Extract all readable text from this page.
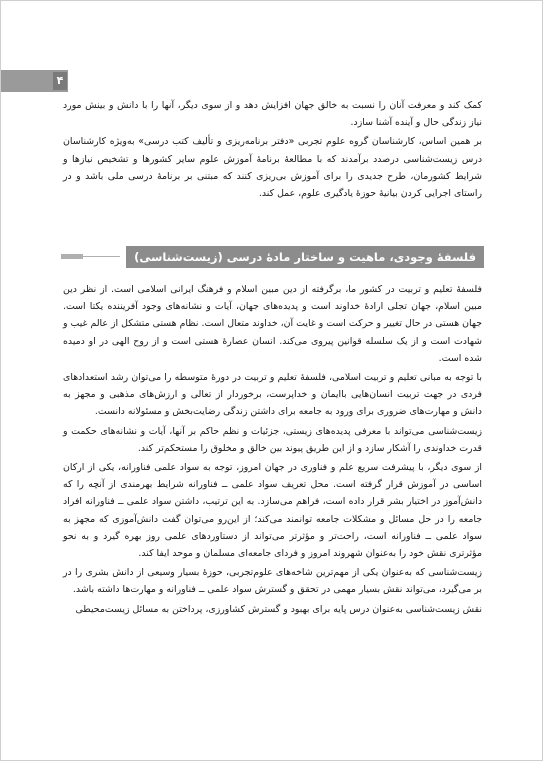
۴

کمک کند و معرفت آنان را نسبت به خالق جهان افزایش دهد و از سوی دیگر، آنها را با دانش و بینش مورد نیاز زندگی حال و آینده آشنا سازد.

بر همین اساس، کارشناسان گروه علوم تجربی «دفتر برنامه‌ریزی و تألیف کتب درسی» به‌ویژه کارشناسان درس زیست‌شناسی درصدد برآمدند که با مطالعهٔ برنامهٔ آموزش علوم سایر کشورها و تشخیص نیازها و شرایط کشورمان، طرح جدیدی را برای آموزش بی‌ریزی کنند که مبتنی بر برنامهٔ درسی ملی باشد و در راستای اجرایی کردن بیانیهٔ حوزهٔ یادگیری علوم، عمل کند.

فلسفهٔ وجودی، ماهیت و ساختار مادهٔ درسی (زیست‌شناسی)

فلسفهٔ تعلیم و تربیت در کشور ما، برگرفته از دین مبین اسلام و فرهنگ ایرانی اسلامی است. از نظر دین مبین اسلام، جهان تجلی ارادهٔ خداوند است و پدیده‌های جهان، آیات و نشانه‌های وجود آفریننده یکتا است. جهان هستی در حال تغییر و حرکت است و غایت آن، خداوند متعال است. نظام هستی متشکل از عالم غیب و شهادت است و از یک سلسله قوانین پیروی می‌کند. انسان عصارهٔ هستی است و از روح الهی در او دمیده شده است.

با توجه به مبانی تعلیم و تربیت اسلامی، فلسفهٔ تعلیم و تربیت در دورهٔ متوسطه را می‌توان رشد استعدادهای فردی در جهت تربیت انسان‌هایی باایمان و خداپرست، برخوردار از تعالی و ارزش‌های مذهبی و مجهز به دانش و مهارت‌های ضروری برای ورود به جامعه برای داشتن زندگی رضایت‌بخش و مسئولانه دانست.

زیست‌شناسی می‌تواند با معرفی پدیده‌های زیستی، جزئیات و نظم حاکم بر آنها، آیات و نشانه‌های حکمت و قدرت خداوندی را آشکار سازد و از این طریق پیوند بین خالق و مخلوق را مستحکم‌تر کند.

از سوی دیگر، با پیشرفت سریع علم و فناوری در جهان امروز، توجه به سواد علمی فناورانه، یکی از ارکان اساسی در آموزش قرار گرفته است. محل تعریف سواد علمی ــ فناورانه شرایط بهرمندی از آنچه را که دانش‌آموز در اختیار بشر قرار داده است، فراهم می‌سازد. به این ترتیب، داشتن سواد علمی ــ فناورانه افراد جامعه را در حل مسائل و مشکلات جامعه توانمند می‌کند؛ از این‌رو می‌توان گفت دانش‌آموزی که مجهز به سواد علمی ــ فناورانه است، راحت‌تر و مؤثرتر می‌تواند از دستاوردهای علمی روز بهره گیرد و به نحو مؤثرتری نقش خود را به‌عنوان شهروند امروز و فردای جامعه‌ای مسلمان و موحد ایفا کند.

زیست‌شناسی که به‌عنوان یکی از مهم‌ترین شاخه‌های علوم‌تجربی، حوزهٔ بسیار وسیعی از دانش بشری را در بر می‌گیرد، می‌تواند نقش بسیار مهمی در تحقق و گسترش سواد علمی ــ فناورانه و مهارت‌ها داشته باشد.

نقش زیست‌شناسی به‌عنوان درس پایه برای بهبود و گسترش کشاورزی، پرداختن به مسائل زیست‌محیطی
